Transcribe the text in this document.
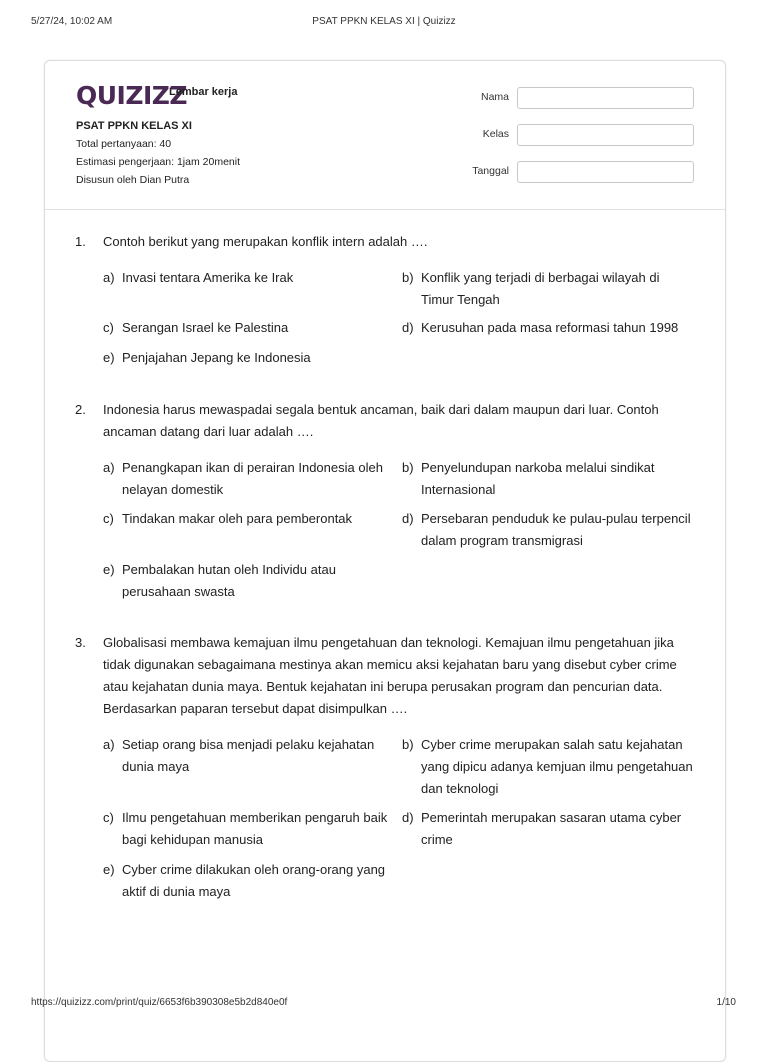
5/27/24, 10:02 AM	PSAT PPKN KELAS XI | Quizizz
QUIZIZZ
Lembar kerja
PSAT PPKN KELAS XI
Total pertanyaan: 40
Estimasi pengerjaan: 1jam 20menit
Disusun oleh Dian Putra
Nama
Kelas
Tanggal
1. Contoh berikut yang merupakan konflik intern adalah ….
a) Invasi tentara Amerika ke Irak	b) Konflik yang terjadi di berbagai wilayah di Timur Tengah
c) Serangan Israel ke Palestina	d) Kerusuhan pada masa reformasi tahun 1998
e) Penjajahan Jepang ke Indonesia
2. Indonesia harus mewaspadai segala bentuk ancaman, baik dari dalam maupun dari luar. Contoh ancaman datang dari luar adalah ….
a) Penangkapan ikan di perairan Indonesia oleh nelayan domestik
b) Penyelundupan narkoba melalui sindikat Internasional
c) Tindakan makar oleh para pemberontak	d) Persebaran penduduk ke pulau-pulau terpencil dalam program transmigrasi
e) Pembalakan hutan oleh Individu atau perusahaan swasta
3. Globalisasi membawa kemajuan ilmu pengetahuan dan teknologi. Kemajuan ilmu pengetahuan jika tidak digunakan sebagaimana mestinya akan memicu aksi kejahatan baru yang disebut cyber crime atau kejahatan dunia maya. Bentuk kejahatan ini berupa perusakan program dan pencurian data. Berdasarkan paparan tersebut dapat disimpulkan ….
a) Setiap orang bisa menjadi pelaku kejahatan dunia maya
b) Cyber crime merupakan salah satu kejahatan yang dipicu adanya kemjuan ilmu pengetahuan dan teknologi
c) Ilmu pengetahuan memberikan pengaruh baik bagi kehidupan manusia
d) Pemerintah merupakan sasaran utama cyber crime
e) Cyber crime dilakukan oleh orang-orang yang aktif di dunia maya
https://quizizz.com/print/quiz/6653f6b390308e5b2d840e0f	1/10
